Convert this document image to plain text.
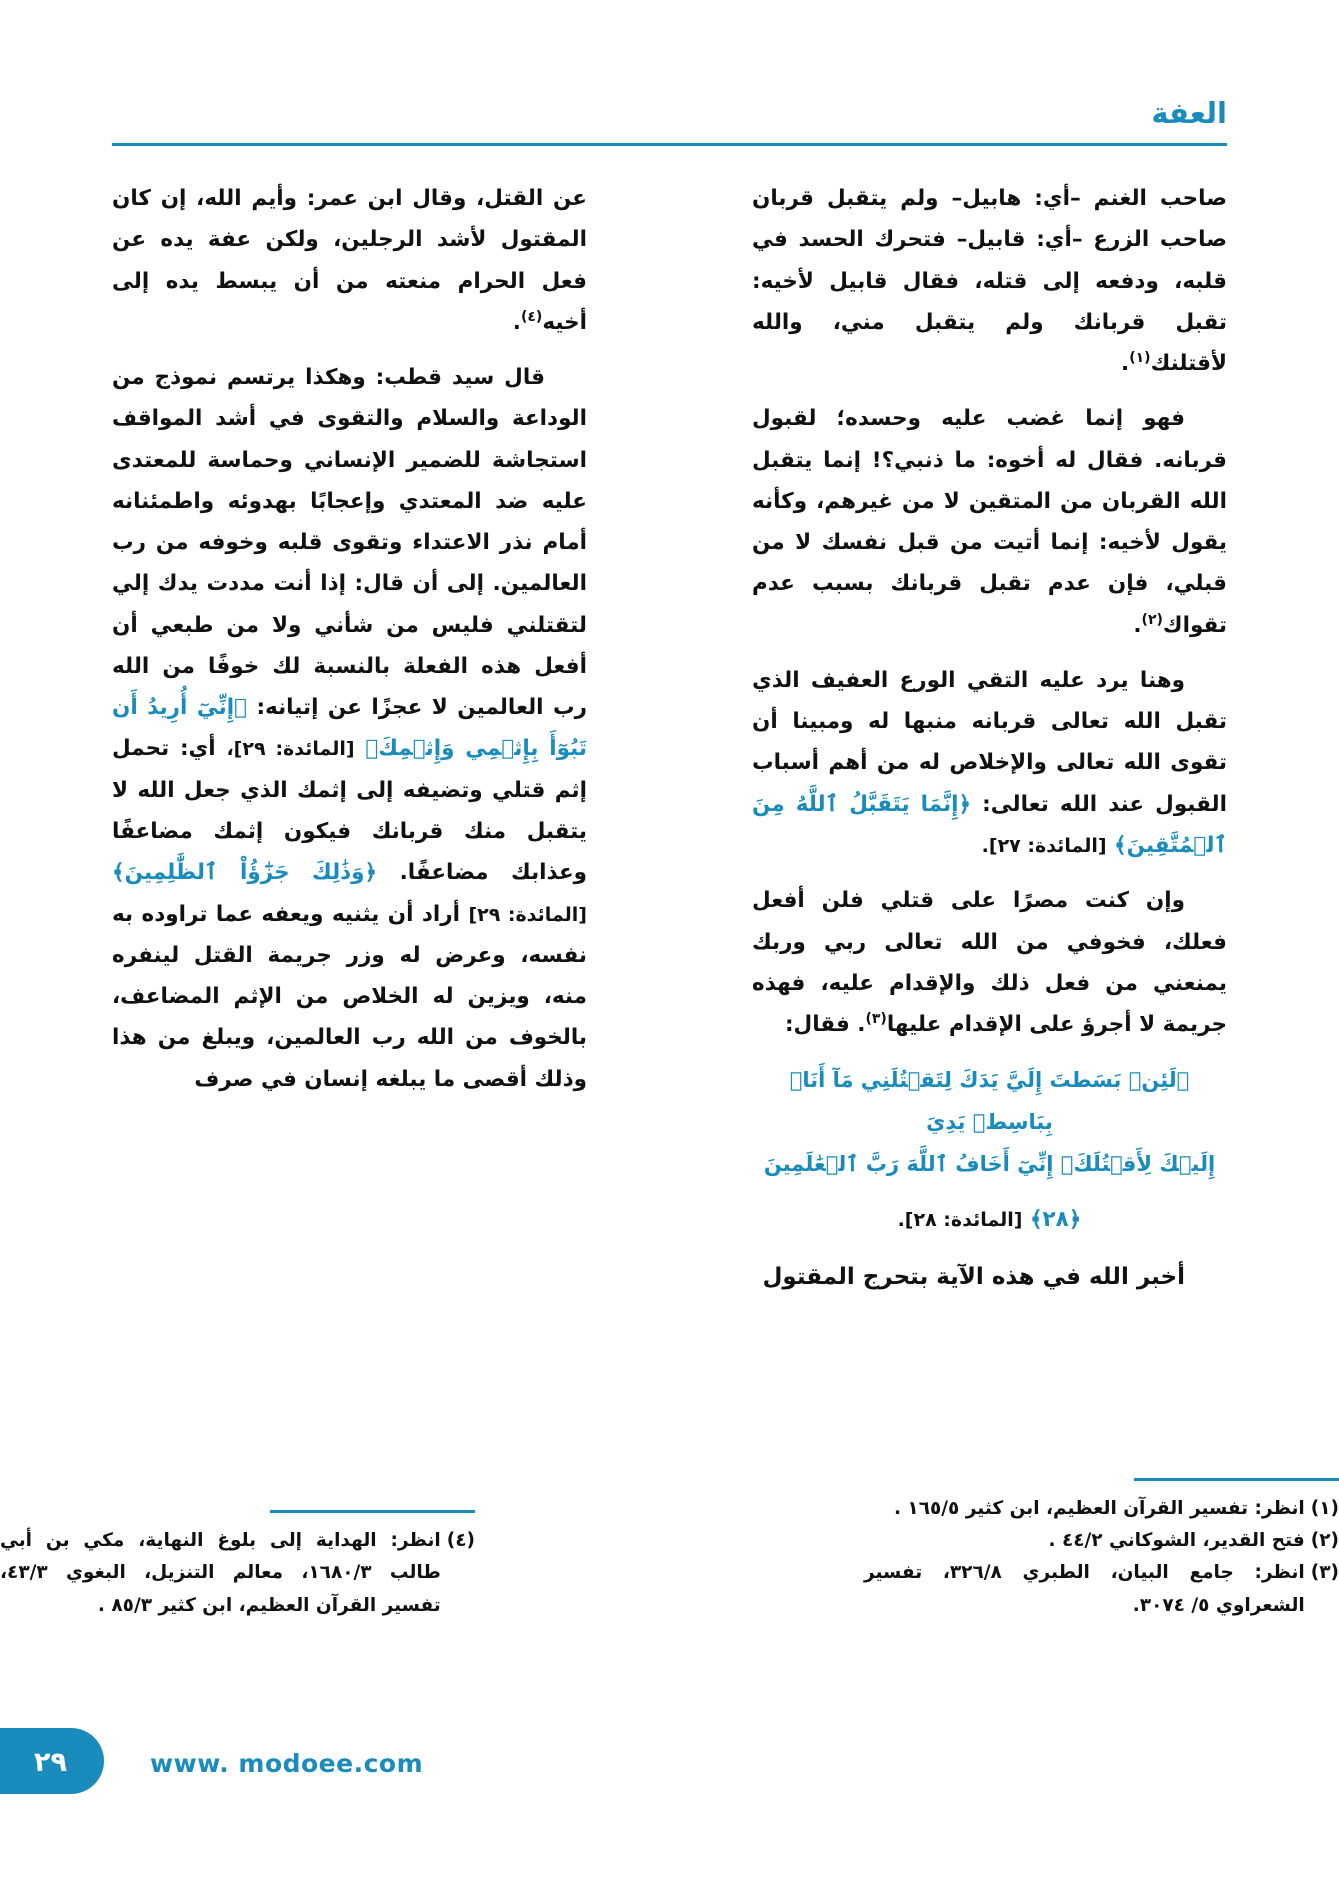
العفة

صاحب الغنم –أي: هابيل– ولم يتقبل قربان صاحب الزرع –أي: قابيل– فتحرك الحسد في قلبه، ودفعه إلى قتله، فقال قابيل لأخيه: تقبل قربانك ولم يتقبل مني، والله لأقتلنك$^{(١)}$.

فهو إنما غضب عليه وحسده؛ لقبول قربانه. فقال له أخوه: ما ذنبي؟! إنما يتقبل الله القربان من المتقين لا من غيرهم، وكأنه يقول لأخيه: إنما أتيت من قبل نفسك لا من قبلي، فإن عدم تقبل قربانك بسبب عدم تقواك$^{(٢)}$.

وهنا يرد عليه التقي الورع العفيف الذي تقبل الله تعالى قربانه منبها له ومبينا أن تقوى الله تعالى والإخلاص له من أهم أسباب القبول عند الله تعالى: ﴿إِنَّمَا يَتَقَبَّلُ ٱللَّهُ مِنَ ٱلۡمُتَّقِينَ﴾ [المائدة: ٢٧].

وإن كنت مصرًا على قتلي فلن أفعل فعلك، فخوفي من الله تعالى ربي وربك يمنعني من فعل ذلك والإقدام عليه، فهذه جريمة لا أجرؤ على الإقدام عليها$^{(٣)}$. فقال:

﴿لَئِنۢ بَسَطتَ إِلَيَّ يَدَكَ لِتَقۡتُلَنِي مَآ أَنَا۠ بِبَاسِطٖ يَدِيَ
إِلَيۡكَ لِأَقۡتُلَكَۖ إِنِّيٓ أَخَافُ ٱللَّهَ رَبَّ ٱلۡعَٰلَمِينَ

﴿٢٨﴾ [المائدة: ٢٨].

أخبر الله في هذه الآية بتحرج المقتول

عن القتل، وقال ابن عمر: وأيم الله، إن كان المقتول لأشد الرجلين، ولكن عفة يده عن فعل الحرام منعته من أن يبسط يده إلى أخيه$^{(٤)}$.

قال سيد قطب: وهكذا يرتسم نموذج من الوداعة والسلام والتقوى في أشد المواقف استجاشة للضمير الإنساني وحماسة للمعتدى عليه ضد المعتدي وإعجابًا بهدوئه واطمئنانه أمام نذر الاعتداء وتقوى قلبه وخوفه من رب العالمين. إلى أن قال: إذا أنت مددت يدك إلي لتقتلني فليس من شأني ولا من طبعي أن أفعل هذه الفعلة بالنسبة لك خوفًا من الله رب العالمين لا عجزًا عن إتيانه: ﴿إِنِّيٓ أُرِيدُ أَن تَبُوٓأَ بِإِثۡمِي وَإِثۡمِكَ﴾ [المائدة: ٢٩]، أي: تحمل إثم قتلي وتضيفه إلى إثمك الذي جعل الله لا يتقبل منك قربانك فيكون إثمك مضاعفًا وعذابك مضاعفًا. ﴿وَذَٰلِكَ جَزَٰٓؤُاْ ٱلظَّٰلِمِينَ﴾ [المائدة: ٢٩] أراد أن يثنيه ويعفه عما تراوده به نفسه، وعرض له وزر جريمة القتل لينفره منه، ويزين له الخلاص من الإثم المضاعف، بالخوف من الله رب العالمين، ويبلغ من هذا وذلك أقصى ما يبلغه إنسان في صرف

(١)
انظر: تفسير القرآن العظيم، ابن كثير ١٦٥/٥ .
(٢)
فتح القدير، الشوكاني ٤٤/٢ .
(٣)
انظر: جامع البيان، الطبري ٣٢٦/٨، تفسير الشعراوي ٥/ ٣٠٧٤.
(٤)
انظر: الهداية إلى بلوغ النهاية، مكي بن أبي طالب ١٦٨٠/٣، معالم التنزيل، البغوي ٤٣/٣، تفسير القرآن العظيم، ابن كثير ٨٥/٣ .
٢٩	www. modoee.com
